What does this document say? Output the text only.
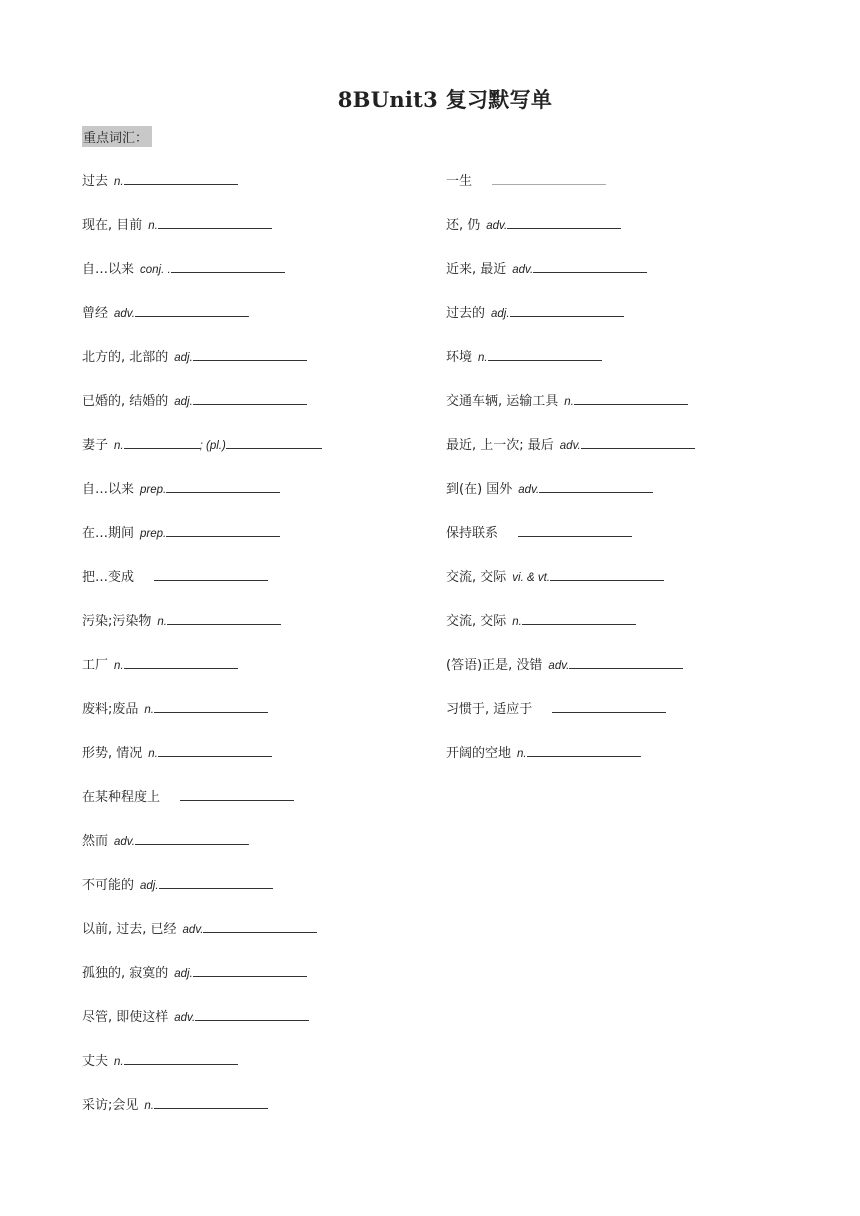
8BUnit3 复习默写单
重点词汇：
过去 n.
现在, 目前 n.
自…以来 conj. .
曾经 adv.
北方的, 北部的 adj.
已婚的, 结婚的 adj.
妻子 n.	; (pl.)
自…以来 prep.
在…期间 prep.
把…变成
污染;污染物 n.
工厂 n.
废料;废品 n.
形势, 情况 n.
在某种程度上
然而 adv.
不可能的 adj.
以前, 过去, 已经 adv.
孤独的, 寂寞的 adj.
尽管, 即使这样 adv.
丈夫 n.
采访;会见 n.
一生
还, 仍 adv.
近来, 最近 adv.
过去的 adj.
环境 n.
交通车辆, 运输工具 n.
最近, 上一次; 最后 adv.
到(在) 国外 adv.
保持联系
交流, 交际 vi. & vt.
交流, 交际 n.
(答语)正是, 没错 adv.
习惯于, 适应于
开阔的空地 n.
